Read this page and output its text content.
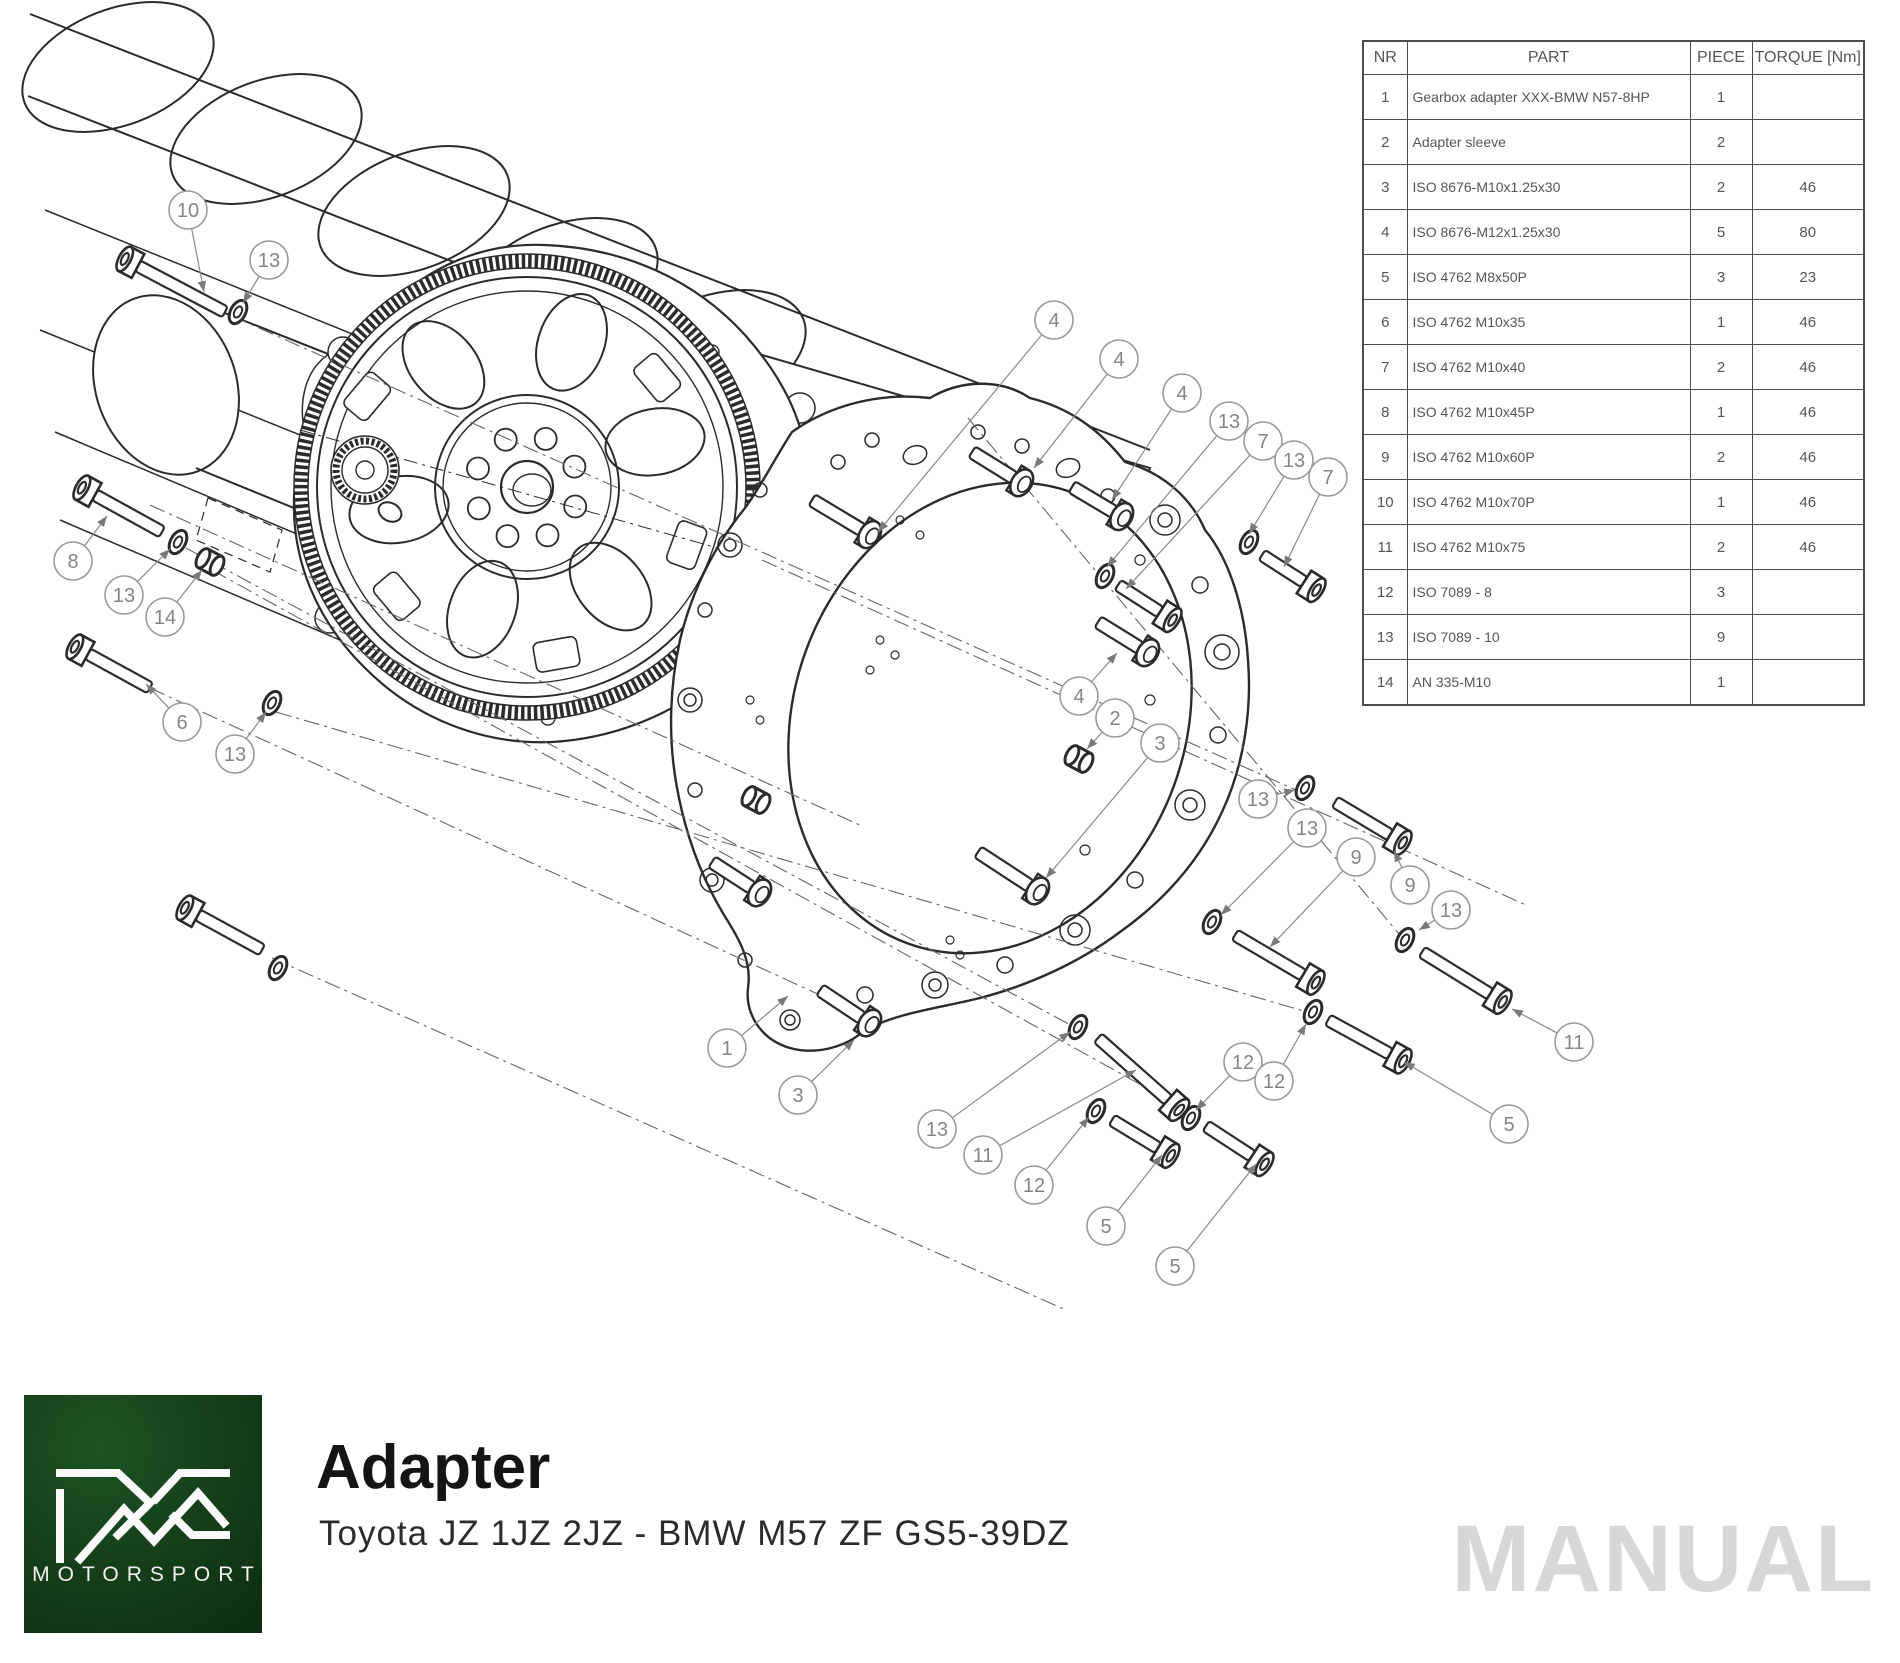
10
13
8
13
14
6
13
4
4
4
13
7
13
7
4
2
3
13
13
9
9
13
11
1
3
13
11
12
5
5
12
12
5
NR	PART	PIECE	TORQUE [Nm]
1	Gearbox adapter XXX-BMW N57-8HP	1	
2	Adapter sleeve	2	
3	ISO 8676-M10x1.25x30	2	46
4	ISO 8676-M12x1.25x30	5	80
5	ISO 4762 M8x50P	3	23
6	ISO 4762 M10x35	1	46
7	ISO 4762 M10x40	2	46
8	ISO 4762 M10x45P	1	46
9	ISO 4762 M10x60P	2	46
10	ISO 4762 M10x70P	1	46
11	ISO 4762 M10x75	2	46
12	ISO 7089 - 8	3	
13	ISO 7089 - 10	9	
14	AN 335-M10	1	
MOTORSPORT
Adapter
Toyota JZ 1JZ 2JZ - BMW M57 ZF GS5-39DZ	MANUAL
